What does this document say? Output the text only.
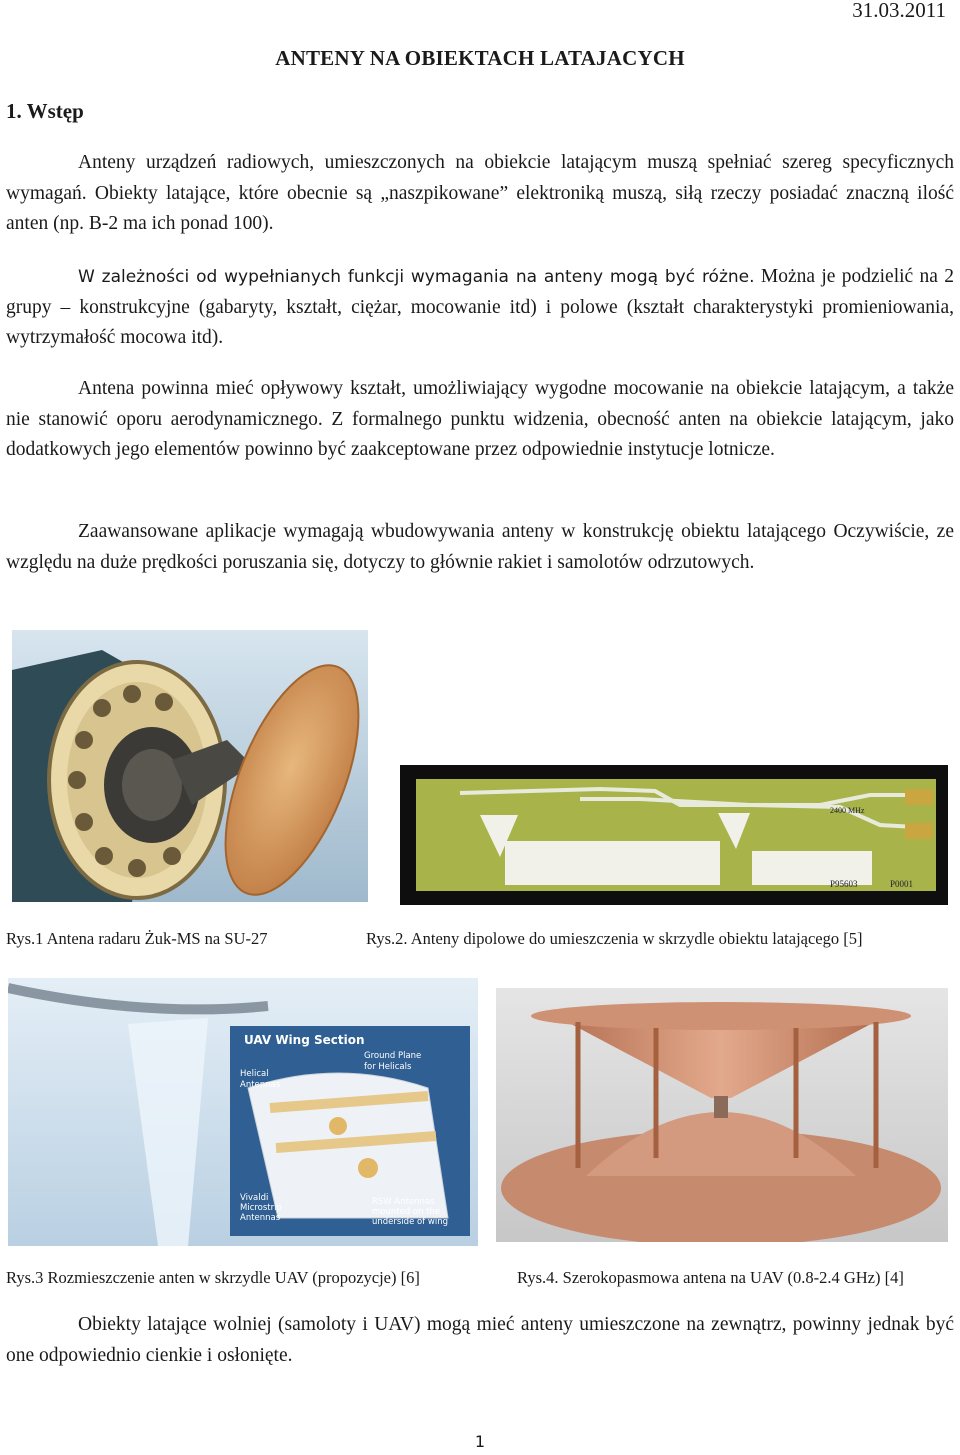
31.03.2011
ANTENY NA OBIEKTACH LATAJACYCH
1. Wstęp
Anteny urządzeń radiowych, umieszczonych na obiekcie latającym muszą spełniać szereg specyficznych wymagań. Obiekty latające, które obecnie są „naszpikowane” elektroniką muszą, siłą rzeczy posiadać znaczną ilość anten (np. B-2 ma ich ponad 100).
W zależności od wypełnianych funkcji wymagania na anteny mogą być różne. Można je podzielić na 2 grupy – konstrukcyjne (gabaryty, kształt, ciężar, mocowanie itd) i polowe (kształt charakterystyki promieniowania, wytrzymałość mocowa itd).
Antena powinna mieć opływowy kształt, umożliwiający wygodne mocowanie na obiekcie latającym, a także nie stanowić oporu aerodynamicznego. Z formalnego punktu widzenia, obecność anten na obiekcie latającym, jako dodatkowych jego elementów powinno być zaakceptowane przez odpowiednie instytucje lotnicze.
Zaawansowane aplikacje wymagają wbudowywania anteny w konstrukcję obiektu latającego Oczywiście, ze względu na duże prędkości poruszania się, dotyczy to głównie rakiet i samolotów odrzutowych.
2400 MHz
P95603	P0001
Rys.1 Antena radaru Żuk-MS na SU-27	Rys.2. Anteny dipolowe do umieszczenia w skrzydle obiektu latającego [5]
UAV Wing Section
Ground Plane
for Helicals
Helical
Antennas
Vivaldi
Microstrip
Antennas
RSW Antennas
mounted on the
underside of wing
Rys.3 Rozmieszczenie anten w skrzydle UAV (propozycje) [6]	Rys.4. Szerokopasmowa antena na UAV (0.8-2.4 GHz) [4]
Obiekty latające wolniej (samoloty i UAV) mogą mieć anteny umieszczone na zewnątrz, powinny jednak być one odpowiednio cienkie i osłonięte.
1
